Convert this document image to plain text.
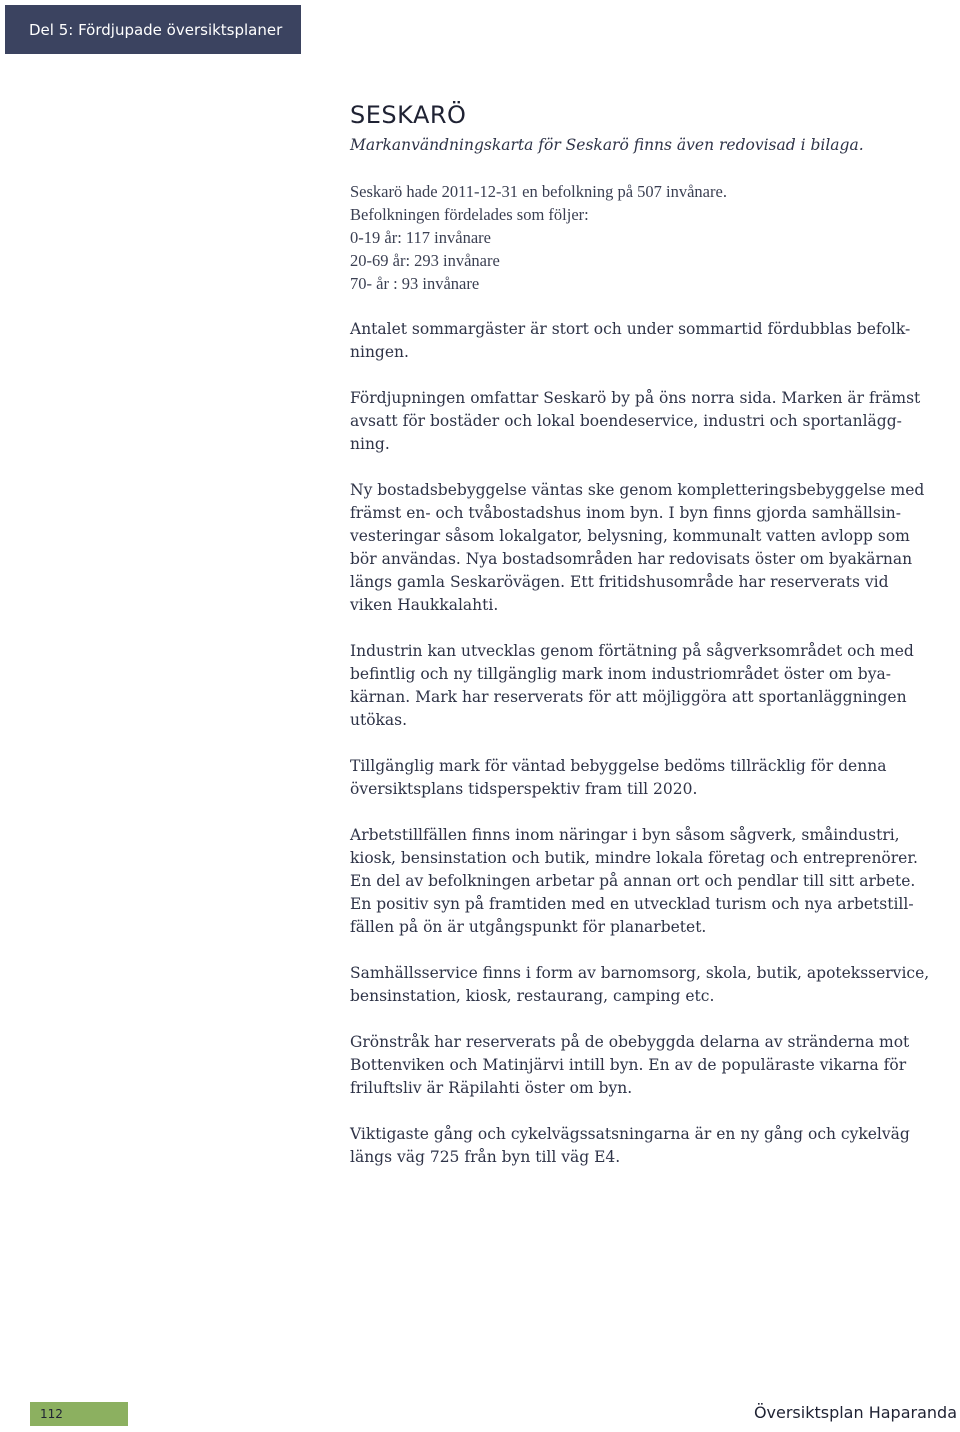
Del 5: Fördjupade översiktsplaner
SESKARÖ
Markanvändningskarta för Seskarö finns även redovisad i bilaga.
Seskarö hade 2011-12-31 en befolkning på 507 invånare.
Befolkningen fördelades som följer:
0-19 år: 117 invånare
20-69 år: 293 invånare
70- år : 93 invånare
Antalet sommargäster är stort och under sommartid fördubblas befolk-
ningen.
Fördjupningen omfattar Seskarö by på öns norra sida. Marken är främst
avsatt för bostäder och lokal boendeservice, industri och sportanlägg-
ning.
Ny bostadsbebyggelse väntas ske genom kompletteringsbebyggelse med
främst en- och tvåbostadshus inom byn. I byn finns gjorda samhällsin-
vesteringar såsom lokalgator, belysning, kommunalt vatten avlopp som
bör användas. Nya bostadsområden har redovisats öster om byakärnan
längs gamla Seskarövägen. Ett fritidshusområde har reserverats vid
viken Haukkalahti.
Industrin kan utvecklas genom förtätning på sågverksområdet och med
befintlig och ny tillgänglig mark inom industriområdet öster om bya-
kärnan. Mark har reserverats för att möjliggöra att sportanläggningen
utökas.
Tillgänglig mark för väntad bebyggelse bedöms tillräcklig för denna
översiktsplans tidsperspektiv fram till 2020.
Arbetstillfällen finns inom näringar i byn såsom sågverk, småindustri,
kiosk, bensinstation och butik, mindre lokala företag och entreprenörer.
En del av befolkningen arbetar på annan ort och pendlar till sitt arbete.
En positiv syn på framtiden med en utvecklad turism och nya arbetstill-
fällen på ön är utgångspunkt för planarbetet.
Samhällsservice finns i form av barnomsorg, skola, butik, apoteksservice,
bensinstation, kiosk, restaurang, camping etc.
Grönstråk har reserverats på de obebyggda delarna av stränderna mot
Bottenviken och Matinjärvi intill byn. En av de populäraste vikarna för
friluftsliv är Räpilahti öster om byn.
Viktigaste gång och cykelvägssatsningarna är en ny gång och cykelväg
längs väg 725 från byn till väg E4.
112	Översiktsplan Haparanda
